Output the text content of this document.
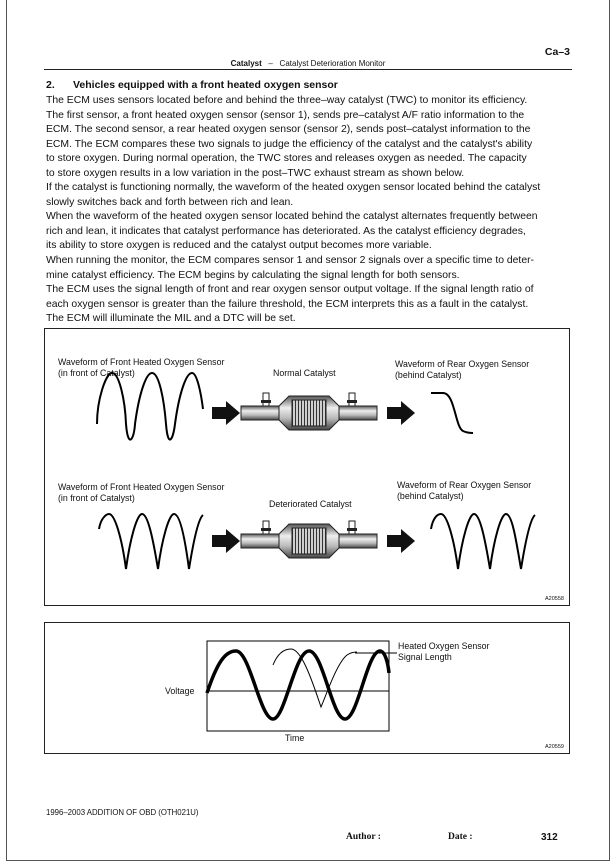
Ca–3
Catalyst – Catalyst Deterioration Monitor
2. Vehicles equipped with a front heated oxygen sensor
The ECM uses sensors located before and behind the three–way catalyst (TWC) to monitor its efficiency.
The first sensor, a front heated oxygen sensor (sensor 1), sends pre–catalyst A/F ratio information to the
ECM. The second sensor, a rear heated oxygen sensor (sensor 2), sends post–catalyst information to the
ECM. The ECM compares these two signals to judge the efficiency of the catalyst and the catalyst's ability
to store oxygen. During normal operation, the TWC stores and releases oxygen as needed. The capacity
to store oxygen results in a low variation in the post–TWC exhaust stream as shown below.
If the catalyst is functioning normally, the waveform of the heated oxygen sensor located behind the catalyst
slowly switches back and forth between rich and lean.
When the waveform of the heated oxygen sensor located behind the catalyst alternates frequently between
rich and lean, it indicates that catalyst performance has deteriorated. As the catalyst efficiency degrades,
its ability to store oxygen is reduced and the catalyst output becomes more variable.
When running the monitor, the ECM compares sensor 1 and sensor 2 signals over a specific time to deter-
mine catalyst efficiency. The ECM begins by calculating the signal length for both sensors.
The ECM uses the signal length of front and rear oxygen sensor output voltage. If the signal length ratio of
each oxygen sensor is greater than the failure threshold, the ECM interprets this as a fault in the catalyst.
The ECM will illuminate the MIL and a DTC will be set.
Waveform of Front Heated Oxygen Sensor
(in front of Catalyst)	Normal Catalyst
Waveform of Rear Oxygen Sensor
(behind Catalyst)
Waveform of Front Heated Oxygen Sensor
(in front of Catalyst)
Deteriorated Catalyst
Waveform of Rear Oxygen Sensor
(behind Catalyst)
A20558
Heated Oxygen Sensor
Signal Length
Voltage
Time
A20559
1996–2003 ADDITION OF OBD (OTH021U)
Author :	Date :	312
